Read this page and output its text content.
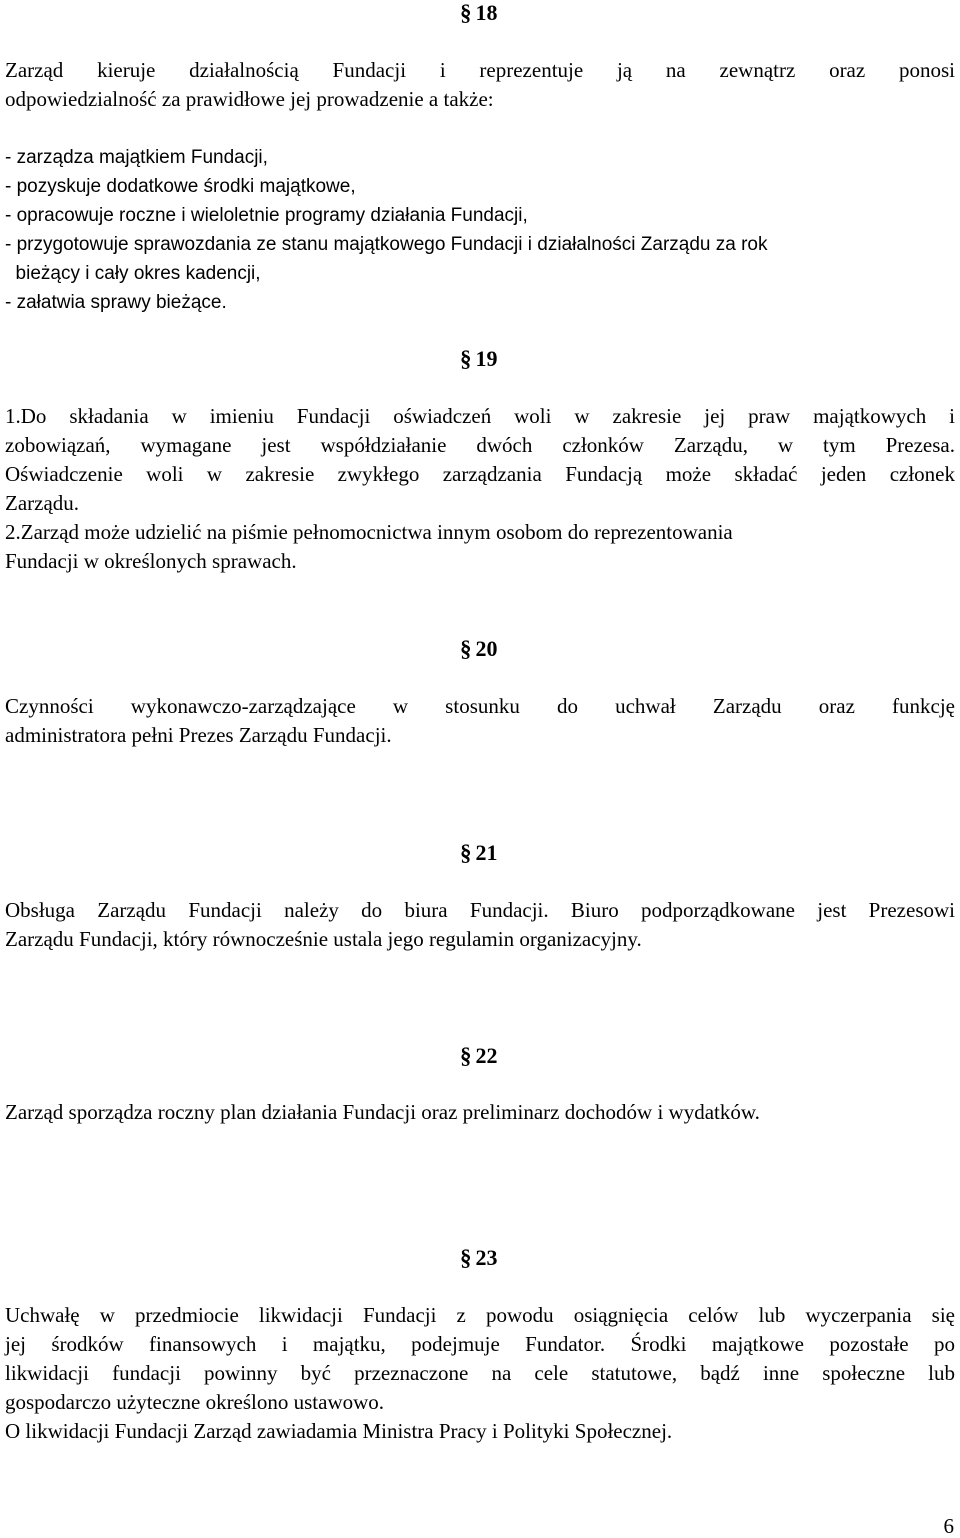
§ 18
Zarząd kieruje działalnością Fundacji i reprezentuje ją na zewnątrz oraz ponosi
odpowiedzialność za prawidłowe jej prowadzenie a także:
- zarządza majątkiem Fundacji,
- pozyskuje dodatkowe środki majątkowe,
- opracowuje roczne i wieloletnie programy działania Fundacji,
- przygotowuje sprawozdania ze stanu majątkowego Fundacji i działalności Zarządu za rok
bieżący i cały okres kadencji,
- załatwia sprawy bieżące.
§ 19
1.Do składania w imieniu Fundacji oświadczeń woli w zakresie jej praw majątkowych i
zobowiązań, wymagane jest współdziałanie dwóch członków Zarządu, w tym Prezesa.
Oświadczenie woli w zakresie zwykłego zarządzania Fundacją może składać jeden członek
Zarządu.
2.Zarząd może udzielić na piśmie pełnomocnictwa innym osobom do reprezentowania
Fundacji w określonych sprawach.
§ 20
Czynności wykonawczo-zarządzające w stosunku do uchwał Zarządu oraz funkcję
administratora pełni Prezes Zarządu Fundacji.
§ 21
Obsługa Zarządu Fundacji należy do biura Fundacji. Biuro podporządkowane jest Prezesowi
Zarządu Fundacji, który równocześnie ustala jego regulamin organizacyjny.
§ 22
Zarząd sporządza roczny plan działania Fundacji oraz preliminarz dochodów i wydatków.
§ 23
Uchwałę w przedmiocie likwidacji Fundacji z powodu osiągnięcia celów lub wyczerpania się
jej środków finansowych i majątku, podejmuje Fundator. Środki majątkowe pozostałe po
likwidacji fundacji powinny być przeznaczone na cele statutowe, bądź inne społeczne lub
gospodarczo użyteczne określono ustawowo.
O likwidacji Fundacji Zarząd zawiadamia Ministra Pracy i Polityki Społecznej.
6
